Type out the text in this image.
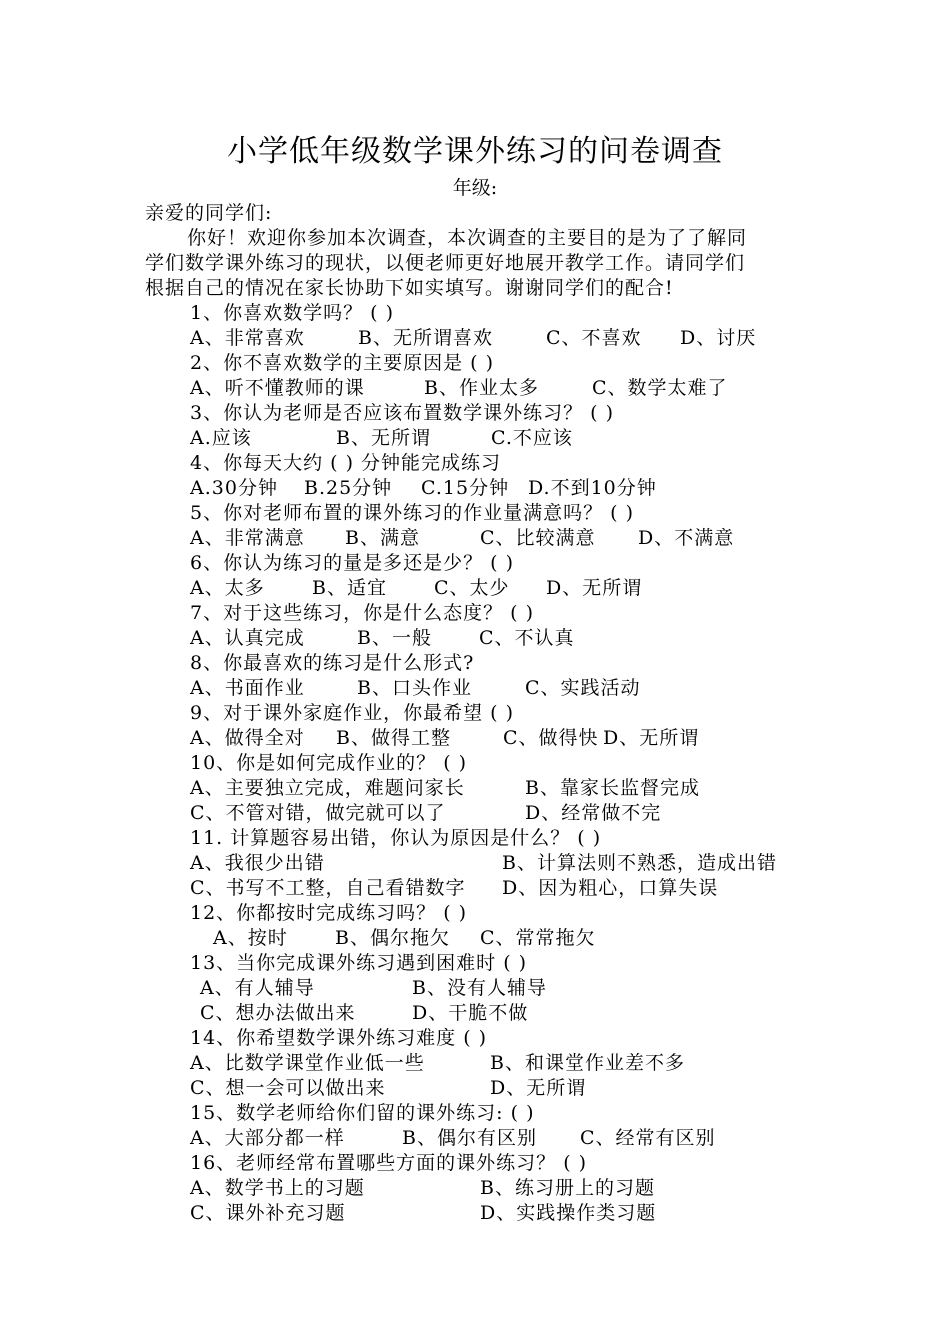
小学低年级数学课外练习的问卷调查
年级:
亲爱的同学们:
你好！欢迎你参加本次调查，本次调查的主要目的是为了了解同
学们数学课外练习的现状，以便老师更好地展开教学工作。请同学们
根据自己的情况在家长协助下如实填写。谢谢同学们的配合!
1、你喜欢数学吗？ ( )
A、非常喜欢	B、无所谓喜欢	C、不喜欢 D、讨厌
2、你不喜欢数学的主要原因是 ( )
A、听不懂教师的课	B、作业太多	C、数学太难了
3、你认为老师是否应该布置数学课外练习？ ( )
A.应该	B、无所谓	C.不应该
4、你每天大约 ( ) 分钟能完成练习
A.30分钟 B.25分钟 C.15分钟 D.不到10分钟
5、你对老师布置的课外练习的作业量满意吗？ ( )
A、非常满意 B、满意	C、比较满意 D、不满意
6、你认为练习的量是多还是少？ ( )
A、太多 B、适宜 C、太少 D、无所谓
7、对于这些练习，你是什么态度？ ( )
A、认真完成	B、一般 C、不认真
8、你最喜欢的练习是什么形式?
A、书面作业	B、口头作业	C、实践活动
9、对于课外家庭作业，你最希望 ( )
A、做得全对 B、做得工整	C、做得快 D、无所谓
10、你是如何完成作业的？ ( )
A、主要独立完成，难题问家长	B、靠家长监督完成
C、不管对错，做完就可以了	D、经常做不完
11. 计算题容易出错，你认为原因是什么？ ( )
A、我很少出错	B、计算法则不熟悉，造成出错
C、书写不工整，自己看错数字 D、因为粗心，口算失误
12、你都按时完成练习吗？ ( )
A、按时 B、偶尔拖欠 C、常常拖欠
13、当你完成课外练习遇到困难时 ( )
A、有人辅导	B、没有人辅导
C、想办法做出来	D、干脆不做
14、你希望数学课外练习难度 ( )
A、比数学课堂作业低一些	B、和课堂作业差不多
C、想一会可以做出来	D、无所谓
15、数学老师给你们留的课外练习: ( )
A、大部分都一样	B、偶尔有区别 C、经常有区别
16、老师经常布置哪些方面的课外练习？ ( )
A、数学书上的习题	B、练习册上的习题
C、课外补充习题	D、实践操作类习题
